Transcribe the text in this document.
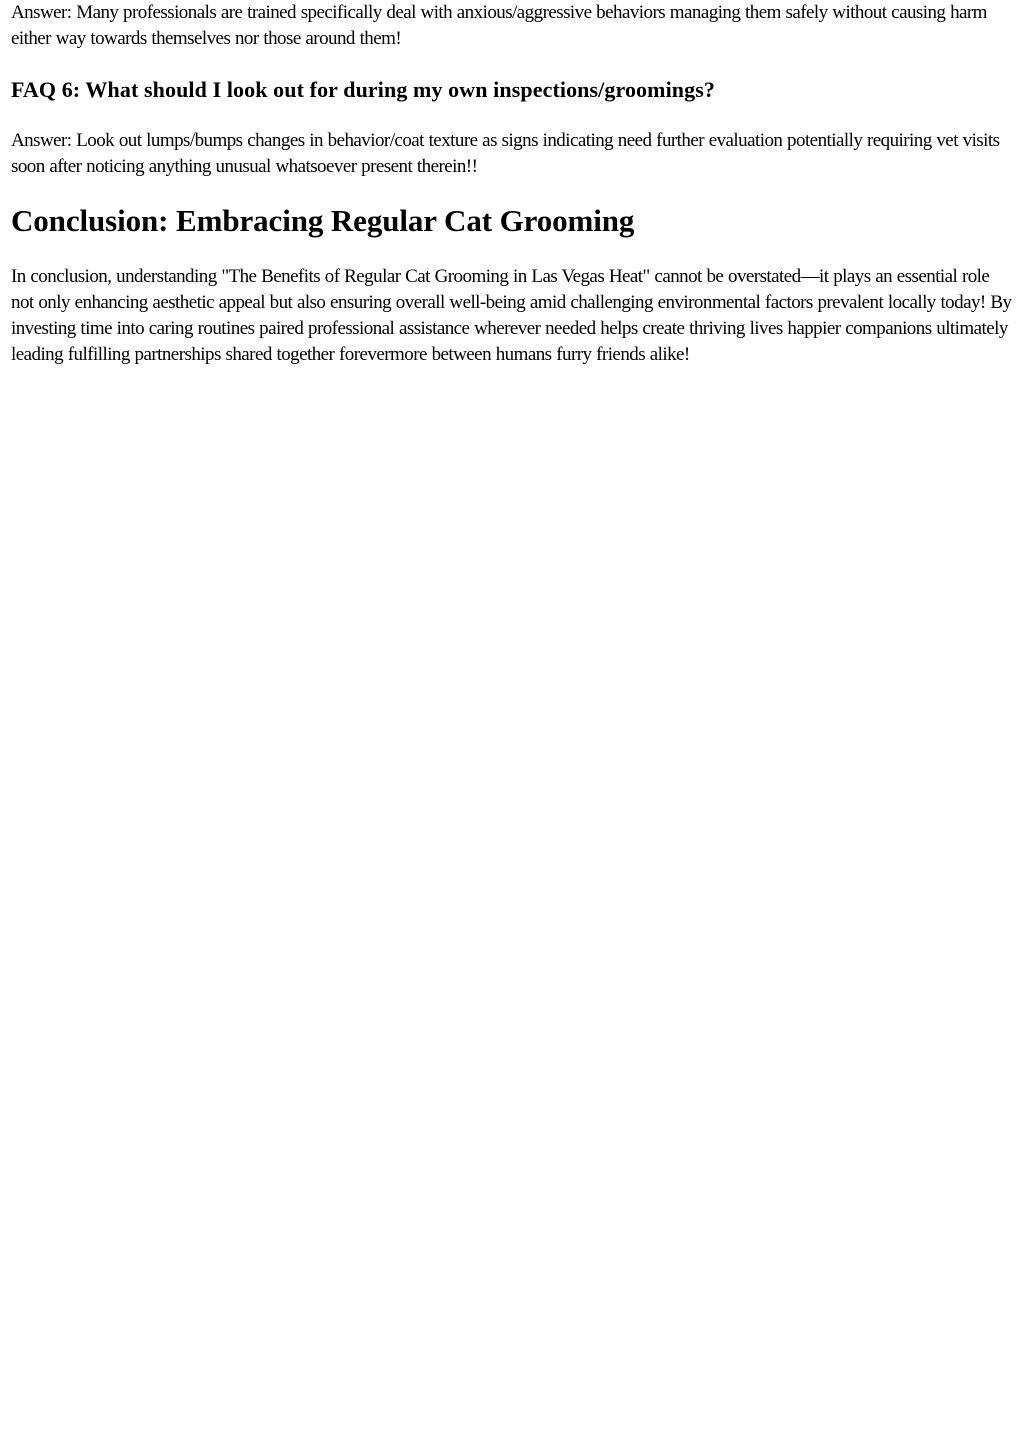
Answer: Many professionals are trained specifically deal with anxious/aggressive behaviors managing them safely without causing harm either way towards themselves nor those around them!

FAQ 6: What should I look out for during my own inspections/groomings?

Answer: Look out lumps/bumps changes in behavior/coat texture as signs indicating need further evaluation potentially requiring vet visits soon after noticing anything unusual whatsoever present therein!!

Conclusion: Embracing Regular Cat Grooming

In conclusion, understanding "The Benefits of Regular Cat Grooming in Las Vegas Heat" cannot be overstated—it plays an essential role not only enhancing aesthetic appeal but also ensuring overall well-being amid challenging environmental factors prevalent locally today! By investing time into caring routines paired professional assistance wherever needed helps create thriving lives happier companions ultimately leading fulfilling partnerships shared together forevermore between humans furry friends alike!
